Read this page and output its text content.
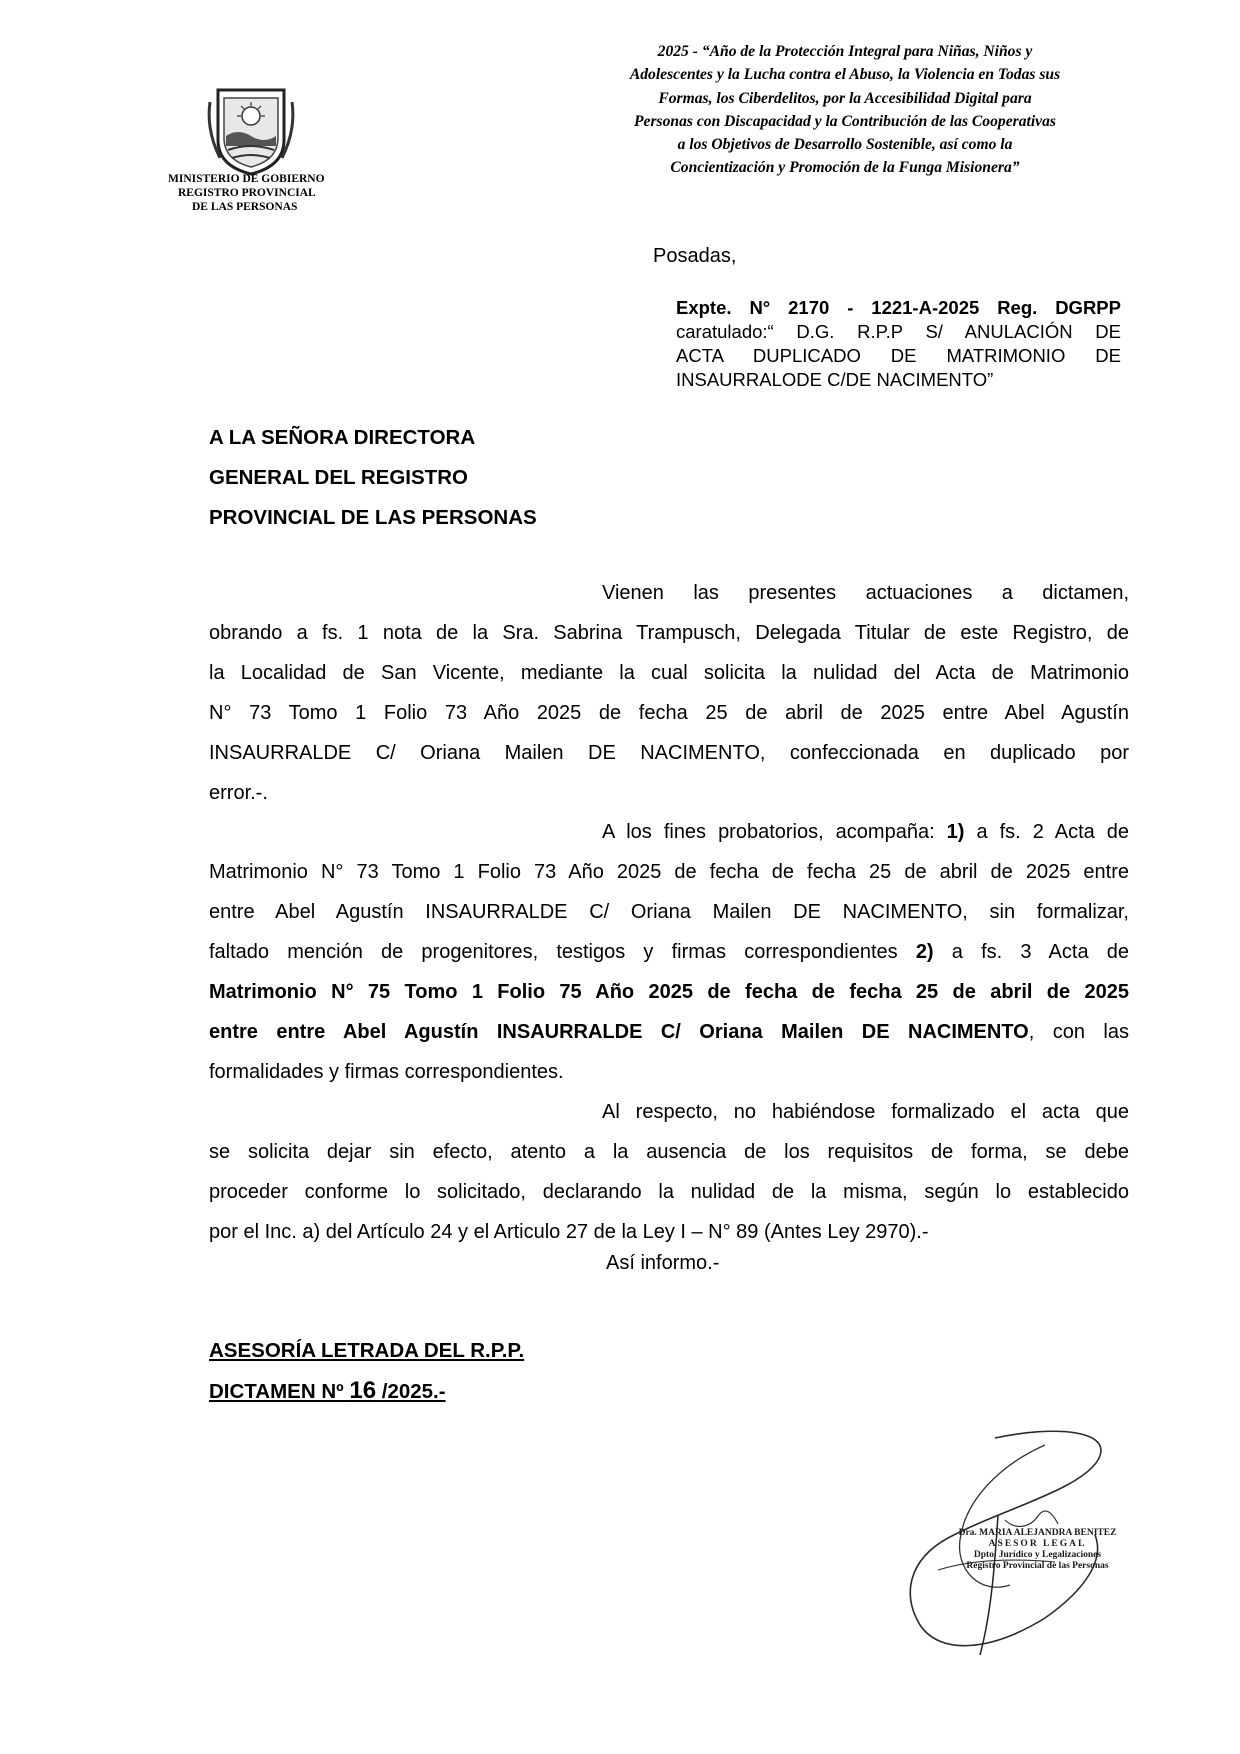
MINISTERIO DE GOBIERNO
REGISTRO PROVINCIAL
DE LAS PERSONAS
2025 - “Año de la Protección Integral para Niñas, Niños y
Adolescentes y la Lucha contra el Abuso, la Violencia en Todas sus
Formas, los Ciberdelitos, por la Accesibilidad Digital para
Personas con Discapacidad y la Contribución de las Cooperativas
a los Objetivos de Desarrollo Sostenible, así como la
Concientización y Promoción de la Funga Misionera”
Posadas,
Expte. N° 2170 - 1221-A-2025 Reg. DGRPP
caratulado:“ D.G. R.P.P S/ ANULACIÓN DE
ACTA DUPLICADO DE MATRIMONIO DE
INSAURRALODE C/DE NACIMENTO”
A LA SEÑORA DIRECTORA
GENERAL DEL REGISTRO
PROVINCIAL DE LAS PERSONAS
Vienen las presentes actuaciones a dictamen,
obrando a fs. 1 nota de la Sra. Sabrina Trampusch, Delegada Titular de este Registro, de
la Localidad de San Vicente, mediante la cual solicita la nulidad del Acta de Matrimonio
N° 73 Tomo 1 Folio 73 Año 2025 de fecha 25 de abril de 2025 entre Abel Agustín
INSAURRALDE C/ Oriana Mailen DE NACIMENTO, confeccionada en duplicado por
error.-.
A los fines probatorios, acompaña: 1) a fs. 2 Acta de
Matrimonio N° 73 Tomo 1 Folio 73 Año 2025 de fecha de fecha 25 de abril de 2025 entre
entre Abel Agustín INSAURRALDE C/ Oriana Mailen DE NACIMENTO, sin formalizar,
faltado mención de progenitores, testigos y firmas correspondientes 2) a fs. 3 Acta de
Matrimonio N° 75 Tomo 1 Folio 75 Año 2025 de fecha de fecha 25 de abril de 2025
entre entre Abel Agustín INSAURRALDE C/ Oriana Mailen DE NACIMENTO, con las
formalidades y firmas correspondientes.
Al respecto, no habiéndose formalizado el acta que
se solicita dejar sin efecto, atento a la ausencia de los requisitos de forma, se debe
proceder conforme lo solicitado, declarando la nulidad de la misma, según lo establecido
por el Inc. a) del Artículo 24 y el Articulo 27 de la Ley I – N° 89 (Antes Ley 2970).-
Así informo.-
ASESORÍA LETRADA DEL R.P.P.
DICTAMEN Nº 16 /2025.-
Dra. MARIA ALEJANDRA BENITEZ
ASESOR LEGAL
Dpto. Jurídico y Legalizaciones
Registro Provincial de las Personas
